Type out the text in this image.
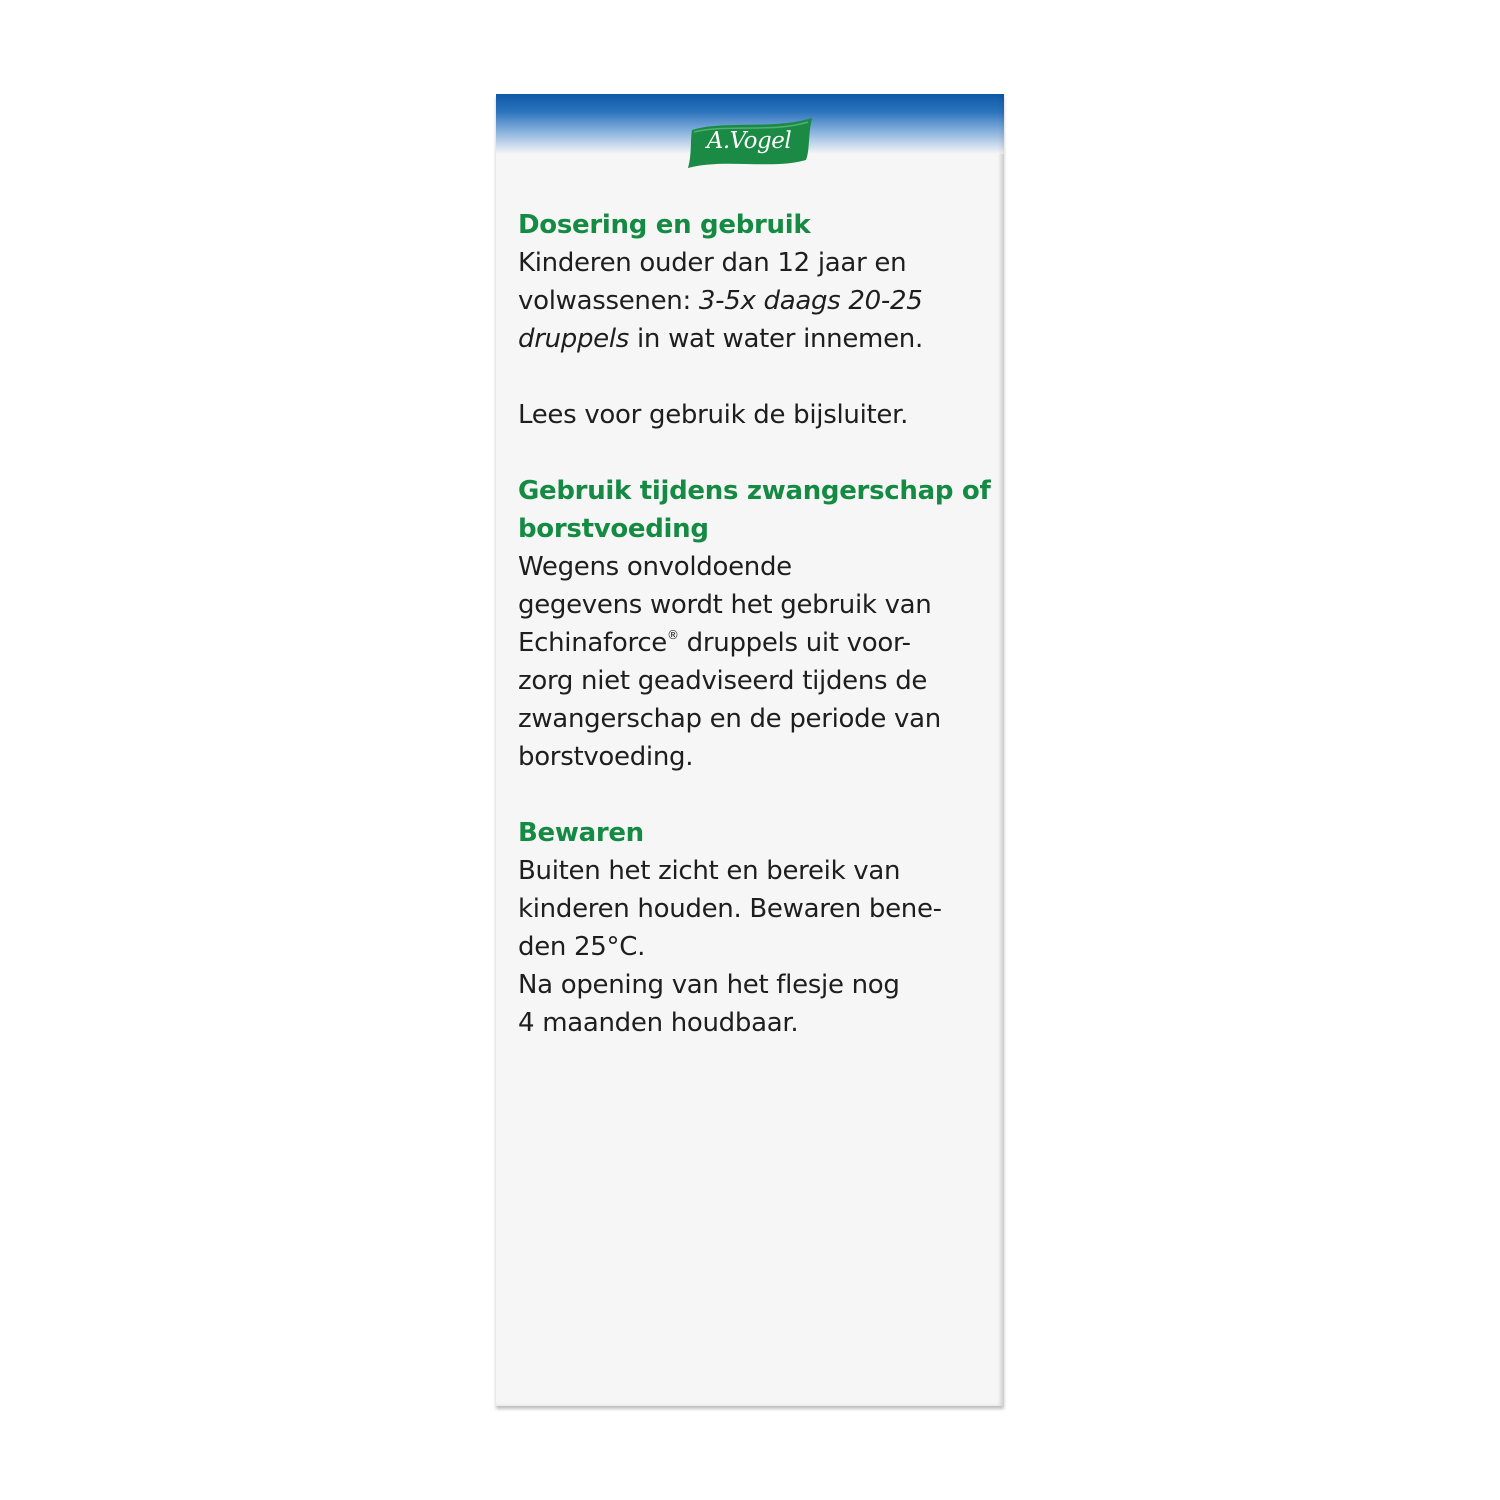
A.Vogel
Dosering en gebruik
Kinderen ouder dan 12 jaar en
volwassenen: 3-5x daags 20-25
druppels in wat water innemen.
Lees voor gebruik de bijsluiter.
Gebruik tijdens zwangerschap of
borstvoeding
Wegens onvoldoende
gegevens wordt het gebruik van
Echinaforce® druppels uit voor-
zorg niet geadviseerd tijdens de
zwangerschap en de periode van
borstvoeding.
Bewaren
Buiten het zicht en bereik van
kinderen houden. Bewaren bene-
den 25°C.
Na opening van het flesje nog
4 maanden houdbaar.
